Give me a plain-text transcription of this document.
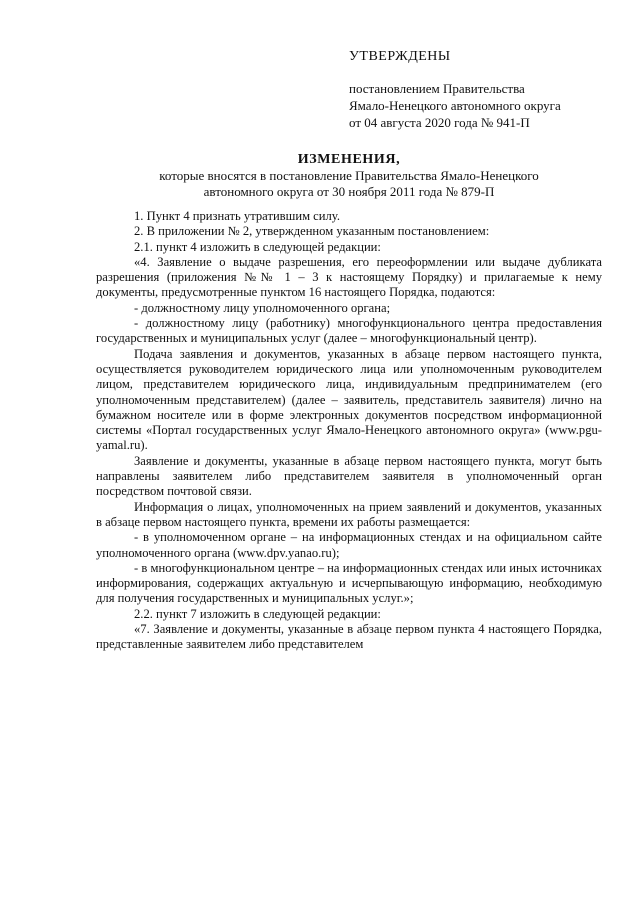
УТВЕРЖДЕНЫ
постановлением Правительства
Ямало-Ненецкого автономного округа
от 04 августа 2020 года № 941-П
ИЗМЕНЕНИЯ,
которые вносятся в постановление Правительства Ямало-Ненецкого
автономного округа от 30 ноября 2011 года № 879-П

1. Пункт 4 признать утратившим силу.

2. В приложении № 2, утвержденном указанным постановлением:

2.1. пункт 4 изложить в следующей редакции:

«4. Заявление о выдаче разрешения, его переоформлении или выдаче дубликата разрешения (приложения №№ 1 – 3 к настоящему Порядку) и прилагаемые к нему документы, предусмотренные пунктом 16 настоящего Порядка, подаются:

- должностному лицу уполномоченного органа;

- должностному лицу (работнику) многофункционального центра предоставления государственных и муниципальных услуг (далее – многофункциональный центр).

Подача заявления и документов, указанных в абзаце первом настоящего пункта, осуществляется руководителем юридического лица или уполномоченным руководителем лицом, представителем юридического лица, индивидуальным предпринимателем (его уполномоченным представителем) (далее – заявитель, представитель заявителя) лично на бумажном носителе или в форме электронных документов посредством информационной системы «Портал государственных услуг Ямало-Ненецкого автономного округа» (www.pgu-yamal.ru).

Заявление и документы, указанные в абзаце первом настоящего пункта, могут быть направлены заявителем либо представителем заявителя в уполномоченный орган посредством почтовой связи.

Информация о лицах, уполномоченных на прием заявлений и документов, указанных в абзаце первом настоящего пункта, времени их работы размещается:

- в уполномоченном органе – на информационных стендах и на официальном сайте уполномоченного органа (www.dpv.yanao.ru);

- в многофункциональном центре – на информационных стендах или иных источниках информирования, содержащих актуальную и исчерпывающую информацию, необходимую для получения государственных и муниципальных услуг.»;

2.2. пункт 7 изложить в следующей редакции:

«7. Заявление и документы, указанные в абзаце первом пункта 4 настоящего Порядка, представленные заявителем либо представителем
